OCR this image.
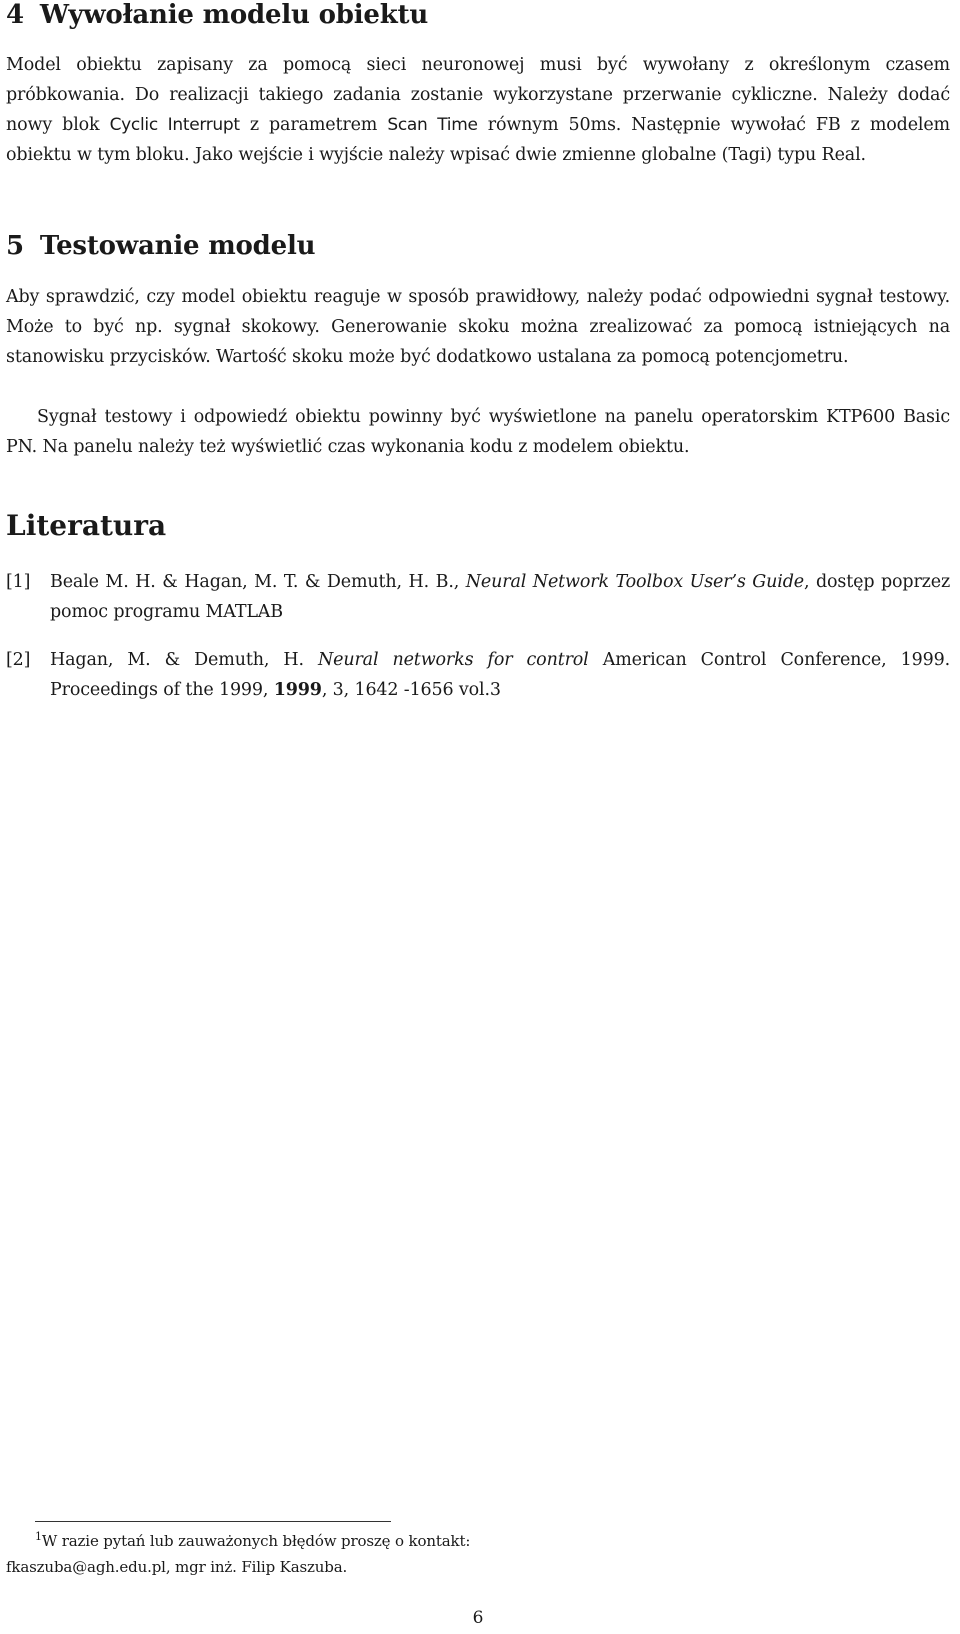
4 Wywołanie modelu obiektu

Model obiektu zapisany za pomocą sieci neuronowej musi być wywołany z określonym czasem próbkowania. Do realizacji takiego zadania zostanie wykorzystane przerwanie cykliczne. Należy dodać nowy blok Cyclic Interrupt z parametrem Scan Time równym 50ms. Następnie wywołać FB z modelem obiektu w tym bloku. Jako wejście i wyjście należy wpisać dwie zmienne globalne (Tagi) typu Real.

5 Testowanie modelu

Aby sprawdzić, czy model obiektu reaguje w sposób prawidłowy, należy podać odpowiedni sygnał testowy. Może to być np. sygnał skokowy. Generowanie skoku można zrealizować za pomocą istniejących na stanowisku przycisków. Wartość skoku może być dodatkowo ustalana za pomocą potencjometru.

Sygnał testowy i odpowiedź obiektu powinny być wyświetlone na panelu operatorskim KTP600 Basic PN. Na panelu należy też wyświetlić czas wykonania kodu z modelem obiektu.

Literatura
[1] Beale M. H. & Hagan, M. T. & Demuth, H. B., Neural Network Toolbox User’s Guide, dostęp poprzez pomoc programu MATLAB
[2] Hagan, M. & Demuth, H. Neural networks for control American Control Conference, 1999. Proceedings of the 1999, 1999, 3, 1642 -1656 vol.3
$^1$W razie pytań lub zauważonych błędów proszę o kontakt:
fkaszuba@agh.edu.pl, mgr inż. Filip Kaszuba.
6
